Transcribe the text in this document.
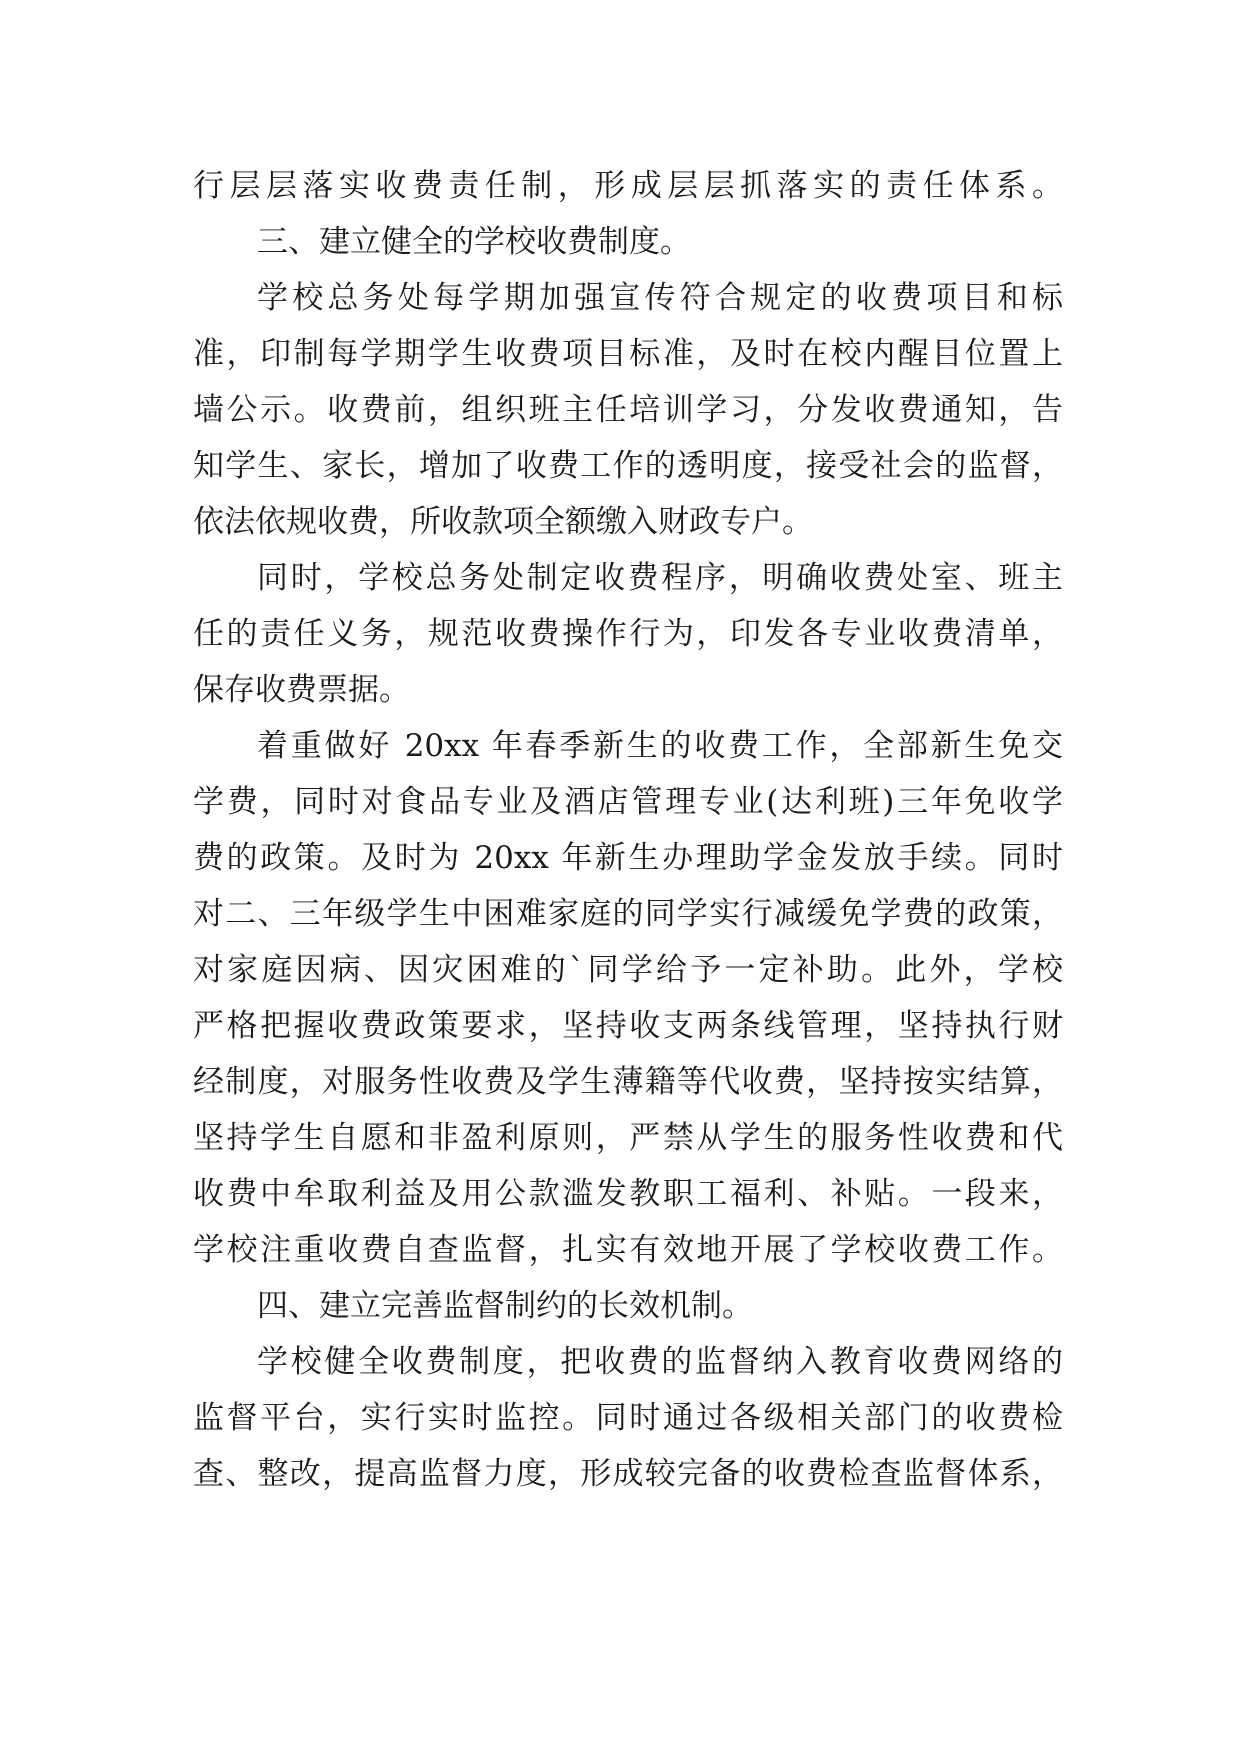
行层层落实收费责任制，形成层层抓落实的责任体系。
三、建立健全的学校收费制度。
学校总务处每学期加强宣传符合规定的收费项目和标
准，印制每学期学生收费项目标准，及时在校内醒目位置上
墙公示。收费前，组织班主任培训学习，分发收费通知，告
知学生、家长，增加了收费工作的透明度，接受社会的监督，
依法依规收费，所收款项全额缴入财政专户。
同时，学校总务处制定收费程序，明确收费处室、班主
任的责任义务，规范收费操作行为，印发各专业收费清单，
保存收费票据。
着重做好 20xx 年春季新生的收费工作，全部新生免交
学费，同时对食品专业及酒店管理专业(达利班)三年免收学
费的政策。及时为 20xx 年新生办理助学金发放手续。同时
对二、三年级学生中困难家庭的同学实行减缓免学费的政策，
对家庭因病、因灾困难的`同学给予一定补助。此外，学校
严格把握收费政策要求，坚持收支两条线管理，坚持执行财
经制度，对服务性收费及学生薄籍等代收费，坚持按实结算，
坚持学生自愿和非盈利原则，严禁从学生的服务性收费和代
收费中牟取利益及用公款滥发教职工福利、补贴。一段来，
学校注重收费自查监督，扎实有效地开展了学校收费工作。
四、建立完善监督制约的长效机制。
学校健全收费制度，把收费的监督纳入教育收费网络的
监督平台，实行实时监控。同时通过各级相关部门的收费检
查、整改，提高监督力度，形成较完备的收费检查监督体系，
